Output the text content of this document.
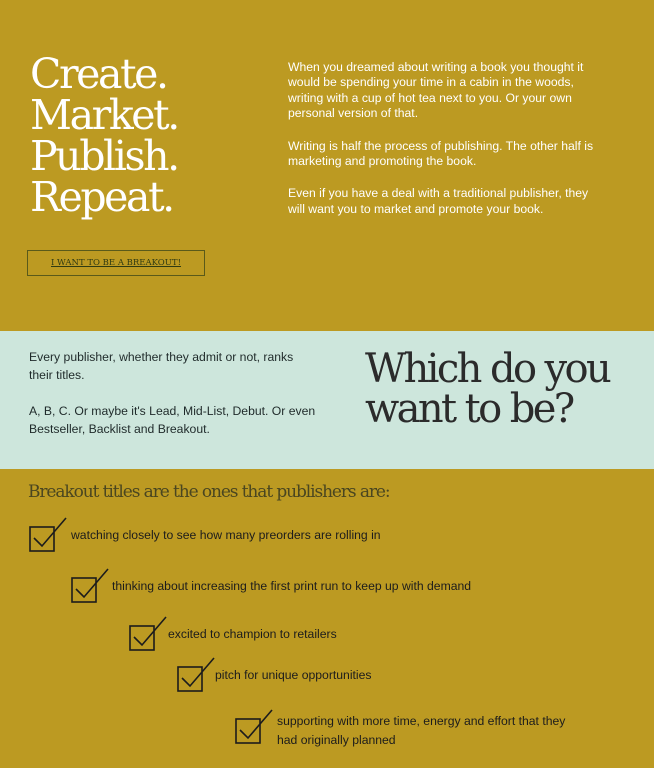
Create.
Market.
Publish.
Repeat.

When you dreamed about writing a book you thought it would be spending your time in a cabin in the woods, writing with a cup of hot tea next to you. Or your own personal version of that.

Writing is half the process of publishing. The other half is marketing and promoting the book.

Even if you have a deal with a traditional publisher, they will want you to market and promote your book.

I WANT TO BE A BREAKOUT!

Every publisher, whether they admit or not, ranks their titles.

A, B, C. Or maybe it's Lead, Mid-List, Debut. Or even Bestseller, Backlist and Breakout.

Which do you want to be?
Breakout titles are the ones that publishers are:
watching closely to see how many preorders are rolling in
thinking about increasing the first print run to keep up with demand
excited to champion to retailers
pitch for unique opportunities
supporting with more time, energy and effort that they had originally planned
